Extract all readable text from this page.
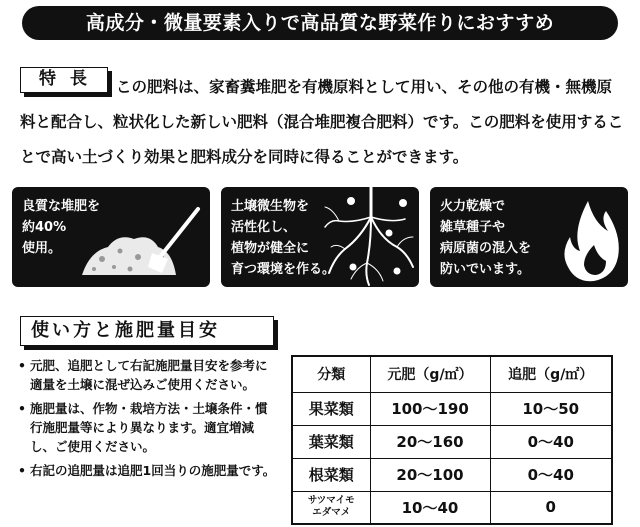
高成分・微量要素入りで高品質な野菜作りにおすすめ
特長 この肥料は、家畜糞堆肥を有機原料として用い、その他の有機・無機原料と配合し、粒状化した新しい肥料（混合堆肥複合肥料）です。この肥料を使用することで高い土づくり効果と肥料成分を同時に得ることができます。

良質な堆肥を
約40%
使用。
土壌微生物を
活性化し、
植物が健全に
育つ環境を作る。
火力乾燥で
雑草種子や
病原菌の混入を
防いでいます。
使い方と施肥量目安
• 元肥、追肥として右記施肥量目安を参考に適量を土壌に混ぜ込みご使用ください。
• 施肥量は、作物・栽培方法・土壌条件・慣行施肥量等により異なります。適宜増減し、ご使用ください。
• 右記の追肥量は追肥1回当りの施肥量です。
分類	元肥（g/㎡）	追肥（g/㎡）
果菜類	100〜190	10〜50
葉菜類	20〜160	0〜40
根菜類	20〜100	0〜40
サツマイモ
エダマメ	10〜40	0
